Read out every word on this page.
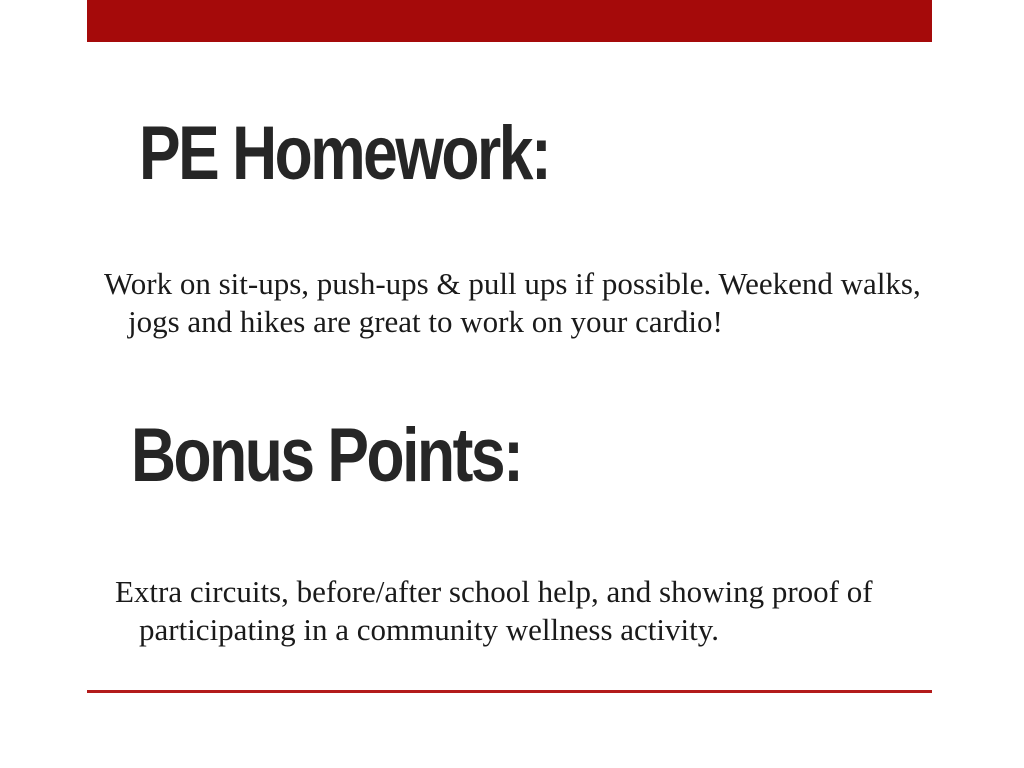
PE Homework:

Work on sit-ups, push-ups & pull ups if possible. Weekend walks, jogs and hikes are great to work on your cardio!

Bonus Points:

Extra circuits, before/after school help, and showing proof of participating in a community wellness activity.
